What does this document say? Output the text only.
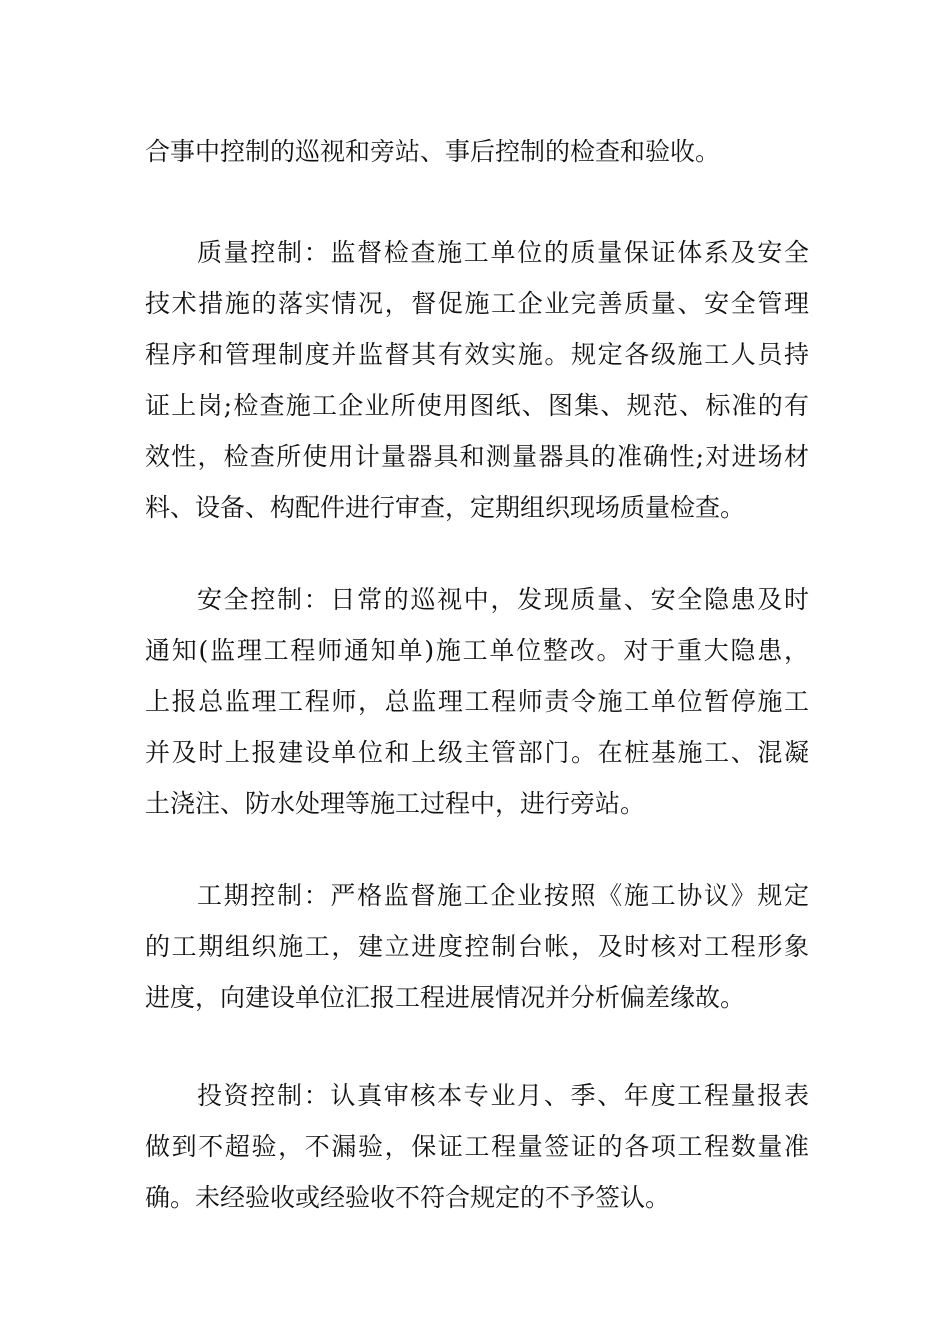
合事中控制的巡视和旁站、事后控制的检查和验收。
质量控制：监督检查施工单位的质量保证体系及安全
技术措施的落实情况，督促施工企业完善质量、安全管理
程序和管理制度并监督其有效实施。规定各级施工人员持
证上岗;检查施工企业所使用图纸、图集、规范、标准的有
效性，检查所使用计量器具和测量器具的准确性;对进场材
料、设备、构配件进行审查，定期组织现场质量检查。
安全控制：日常的巡视中，发现质量、安全隐患及时
通知(监理工程师通知单)施工单位整改。对于重大隐患，
上报总监理工程师，总监理工程师责令施工单位暂停施工
并及时上报建设单位和上级主管部门。在桩基施工、混凝
土浇注、防水处理等施工过程中，进行旁站。
工期控制：严格监督施工企业按照《施工协议》规定
的工期组织施工，建立进度控制台帐，及时核对工程形象
进度，向建设单位汇报工程进展情况并分析偏差缘故。
投资控制：认真审核本专业月、季、年度工程量报表
做到不超验，不漏验，保证工程量签证的各项工程数量准
确。未经验收或经验收不符合规定的不予签认。
